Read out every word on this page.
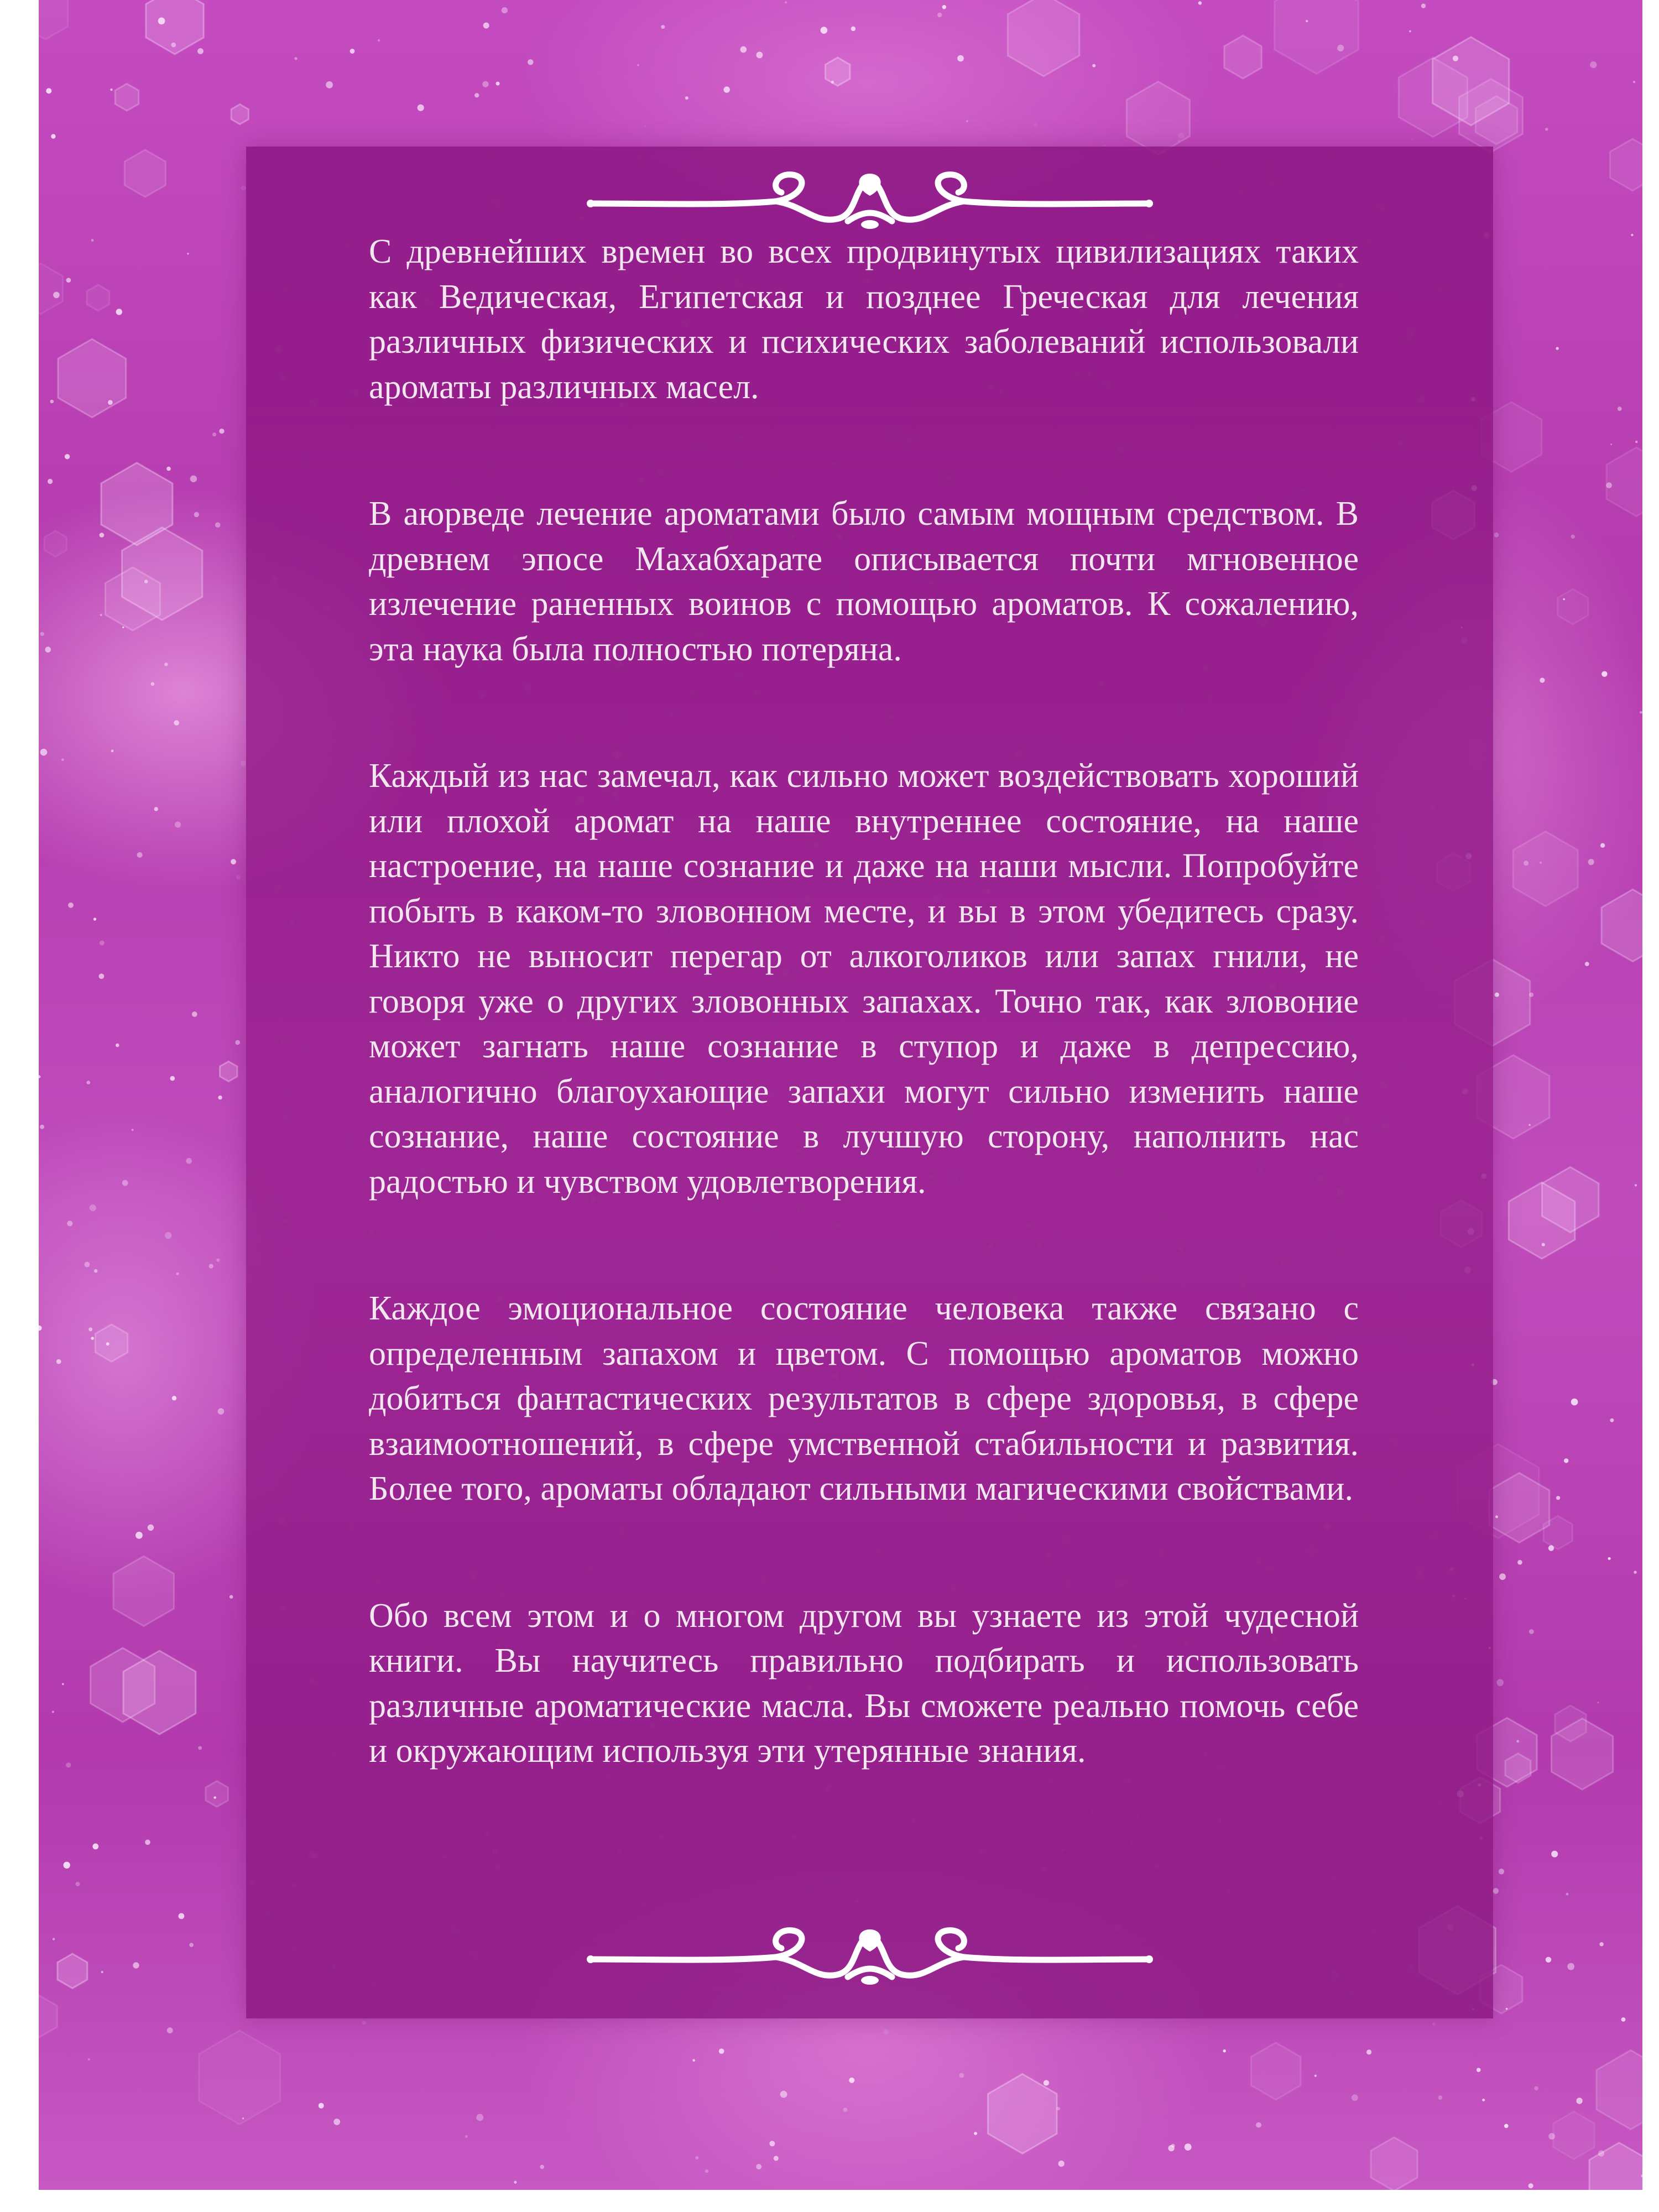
С древнейших времен во всех продвинутых цивилизациях таких как Ведическая, Египетская и позднее Греческая для лечения различных физических и психических заболеваний использовали ароматы различных масел.

В аюрведе лечение ароматами было самым мощным средством. В древнем эпосе Махабхарате описывается почти мгновенное излечение раненных воинов с помощью ароматов. К сожалению, эта наука была полностью потеряна.

Каждый из нас замечал, как сильно может воздействовать хороший или плохой аромат на наше внутреннее состояние, на наше настроение, на наше сознание и даже на наши мысли. Попробуйте побыть в каком-то зловонном месте, и вы в этом убедитесь сразу. Никто не выносит перегар от алкоголиков или запах гнили, не говоря уже о других зловонных запахах. Точно так, как зловоние может загнать наше сознание в ступор и даже в депрессию, аналогично благоухающие запахи могут сильно изменить наше сознание, наше состояние в лучшую сторону, наполнить нас радостью и чувством удовлетворения.

Каждое эмоциональное состояние человека также связано с определенным запахом и цветом. С помощью ароматов можно добиться фантастических результатов в сфере здоровья, в сфере взаимоотношений, в сфере умственной стабильности и развития. Более того, ароматы обладают сильными магическими свойствами.

Обо всем этом и о многом другом вы узнаете из этой чудесной книги. Вы научитесь правильно подбирать и использовать различные ароматические масла. Вы сможете реально помочь себе и окружающим используя эти утерянные знания.
